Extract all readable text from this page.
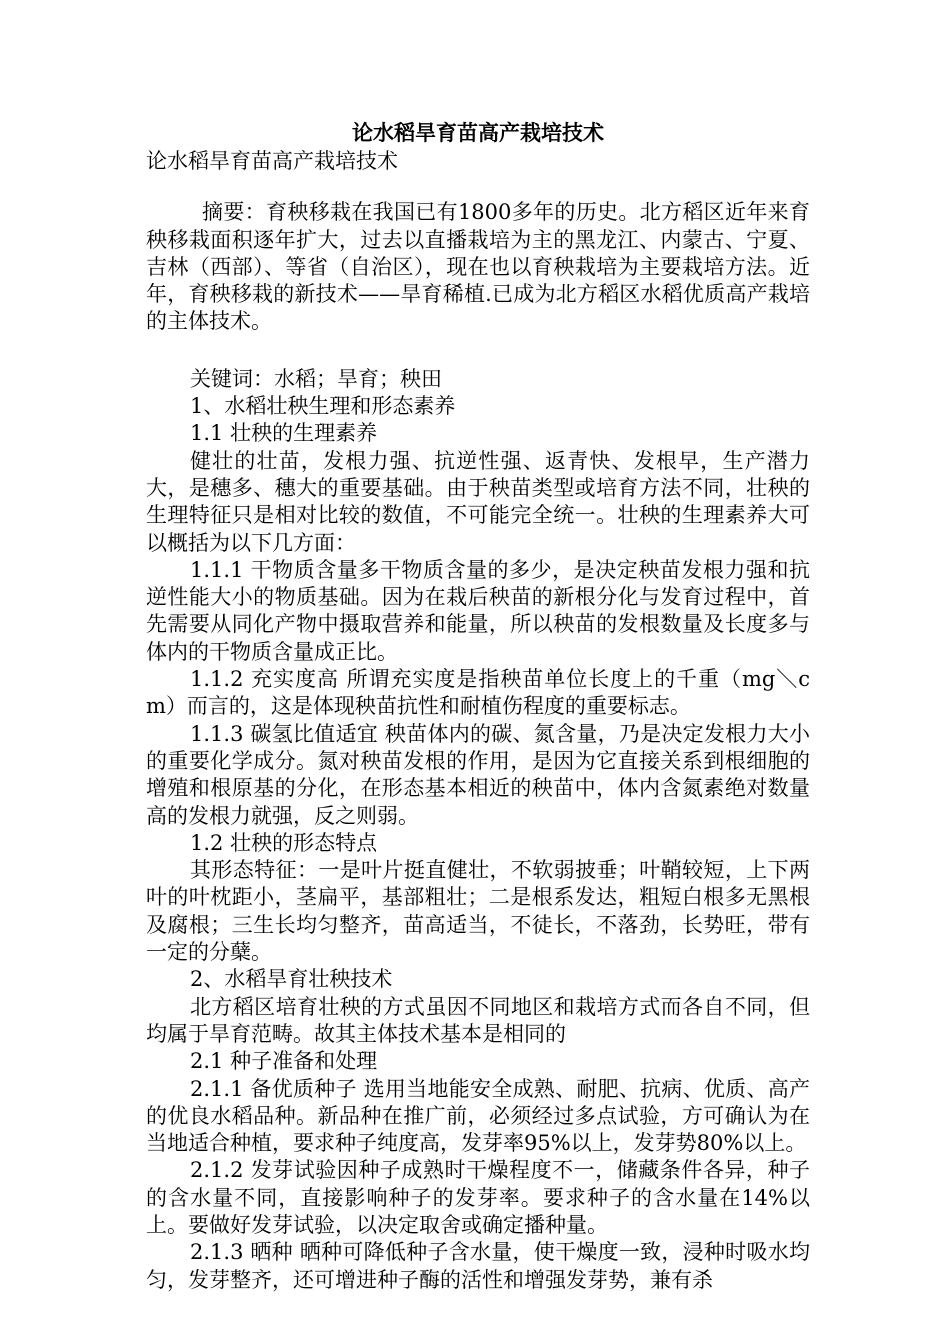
论水稻旱育苗高产栽培技术

论水稻旱育苗高产栽培技术

摘要：育秧移栽在我国已有1800多年的历史。北方稻区近年来育秧移栽面积逐年扩大，过去以直播栽培为主的黑龙江、内蒙古、宁夏、吉林（西部）、等省（自治区），现在也以育秧栽培为主要栽培方法。近年，育秧移栽的新技术——旱育稀植.已成为北方稻区水稻优质高产栽培的主体技术。

关键词：水稻；旱育；秧田

1、水稻壮秧生理和形态素养

1.1 壮秧的生理素养

健壮的壮苗，发根力强、抗逆性强、返青快、发根早，生产潜力大，是穗多、穗大的重要基础。由于秧苗类型或培育方法不同，壮秧的生理特征只是相对比较的数值，不可能完全统一。壮秧的生理素养大可以概括为以下几方面：

1.1.1 干物质含量多干物质含量的多少，是决定秧苗发根力强和抗逆性能大小的物质基础。因为在栽后秧苗的新根分化与发育过程中，首先需要从同化产物中摄取营养和能量，所以秧苗的发根数量及长度多与体内的干物质含量成正比。

1.1.2 充实度高 所谓充实度是指秧苗单位长度上的千重（mg＼cm）而言的，这是体现秧苗抗性和耐植伤程度的重要标志。

1.1.3 碳氢比值适宜 秧苗体内的碳、氮含量，乃是决定发根力大小的重要化学成分。氮对秧苗发根的作用，是因为它直接关系到根细胞的增殖和根原基的分化，在形态基本相近的秧苗中，体内含氮素绝对数量高的发根力就强，反之则弱。

1.2 壮秧的形态特点

其形态特征：一是叶片挺直健壮，不软弱披垂；叶鞘较短，上下两叶的叶枕距小，茎扁平，基部粗壮；二是根系发达，粗短白根多无黑根及腐根；三生长均匀整齐，苗高适当，不徒长，不落劲，长势旺，带有一定的分蘖。

2、水稻旱育壮秧技术

北方稻区培育壮秧的方式虽因不同地区和栽培方式而各自不同，但均属于旱育范畴。故其主体技术基本是相同的

2.1 种子准备和处理

2.1.1 备优质种子 选用当地能安全成熟、耐肥、抗病、优质、高产的优良水稻品种。新品种在推广前，必须经过多点试验，方可确认为在当地适合种植，要求种子纯度高，发芽率95%以上，发芽势80%以上。

2.1.2 发芽试验因种子成熟时干燥程度不一，储藏条件各异，种子的含水量不同，直接影响种子的发芽率。要求种子的含水量在14%以上。要做好发芽试验，以决定取舍或确定播种量。

2.1.3 晒种 晒种可降低种子含水量，使干燥度一致，浸种时吸水均匀，发芽整齐，还可增进种子酶的活性和增强发芽势，兼有杀
